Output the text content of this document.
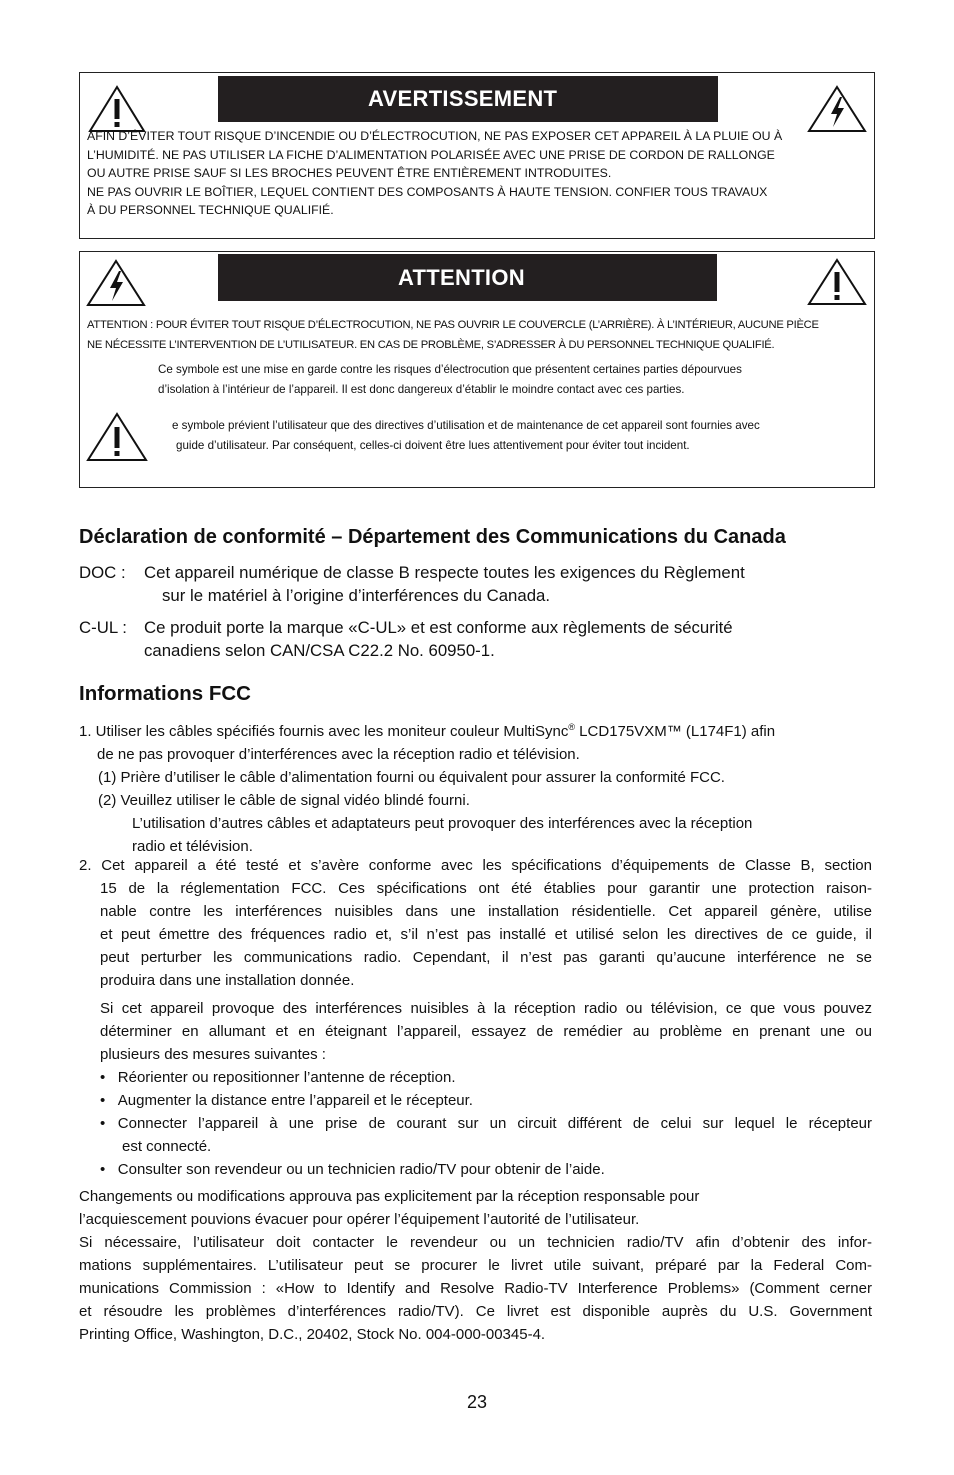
AVERTISSEMENT
AFIN D’ÉVITER TOUT RISQUE D’INCENDIE OU D’ÉLECTROCUTION, NE PAS EXPOSER CET APPAREIL À LA PLUIE OU À
L’HUMIDITÉ. NE PAS UTILISER LA FICHE D’ALIMENTATION POLARISÉE AVEC UNE PRISE DE CORDON DE RALLONGE
OU AUTRE PRISE SAUF SI LES BROCHES PEUVENT ÊTRE ENTIÈREMENT INTRODUITES.
NE PAS OUVRIR LE BOÎTIER, LEQUEL CONTIENT DES COMPOSANTS À HAUTE TENSION. CONFIER TOUS TRAVAUX
À DU PERSONNEL TECHNIQUE QUALIFIÉ.
ATTENTION
ATTENTION : POUR ÉVITER TOUT RISQUE D’ÉLECTROCUTION, NE PAS OUVRIR LE COUVERCLE (L’ARRIÈRE). À L’INTÉRIEUR, AUCUNE PIÈCE
NE NÉCESSITE L’INTERVENTION DE L’UTILISATEUR. EN CAS DE PROBLÈME, S’ADRESSER À DU PERSONNEL TECHNIQUE QUALIFIÉ.
Ce symbole est une mise en garde contre les risques d’électrocution que présentent certaines parties dépourvues
d’isolation à l’intérieur de l’appareil. Il est donc dangereux d’établir le moindre contact avec ces parties.
e symbole prévient l’utilisateur que des directives d’utilisation et de maintenance de cet appareil sont fournies avec
guide d’utilisateur. Par conséquent, celles-ci doivent être lues attentivement pour éviter tout incident.
Déclaration de conformité – Département des Communications du Canada
DOC : Cet appareil numérique de classe B respecte toutes les exigences du Règlement
sur le matériel à l’origine d’interférences du Canada.
C-UL : Ce produit porte la marque «C-UL» et est conforme aux règlements de sécurité
canadiens selon CAN/CSA C22.2 No. 60950-1.
Informations FCC
1. Utiliser les câbles spécifiés fournis avec les moniteur couleur MultiSync® LCD175VXM™ (L174F1) afin
de ne pas provoquer d’interférences avec la réception radio et télévision.
(1) Prière d’utiliser le câble d’alimentation fourni ou équivalent pour assurer la conformité FCC.
(2) Veuillez utiliser le câble de signal vidéo blindé fourni.
L’utilisation d’autres câbles et adaptateurs peut provoquer des interférences avec la réception
radio et télévision.
2. Cet appareil a été testé et s’avère conforme avec les spécifications d’équipements de Classe B, section
15 de la réglementation FCC. Ces spécifications ont été établies pour garantir une protection raison-
nable contre les interférences nuisibles dans une installation résidentielle. Cet appareil génère, utilise
et peut émettre des fréquences radio et, s’il n’est pas installé et utilisé selon les directives de ce guide, il
peut perturber les communications radio. Cependant, il n’est pas garanti qu’aucune interférence ne se
produira dans une installation donnée.
Si cet appareil provoque des interférences nuisibles à la réception radio ou télévision, ce que vous pouvez
déterminer en allumant et en éteignant l’appareil, essayez de remédier au problème en prenant une ou
plusieurs des mesures suivantes :
•   Réorienter ou repositionner l’antenne de réception.
•   Augmenter la distance entre l’appareil et le récepteur.
• Connecter l’appareil à une prise de courant sur un circuit différent de celui sur lequel le récepteur
est connecté.
•   Consulter son revendeur ou un technicien radio/TV pour obtenir de l’aide.
Changements ou modifications approuva pas explicitement par la réception responsable pour
l’acquiescement pouvions évacuer pour opérer l’équipement l’autorité de l’utilisateur.
Si nécessaire, l’utilisateur doit contacter le revendeur ou un technicien radio/TV afin d’obtenir des infor-
mations supplémentaires. L’utilisateur peut se procurer le livret utile suivant, préparé par la Federal Com-
munications Commission : «How to Identify and Resolve Radio-TV Interference Problems» (Comment cerner
et résoudre les problèmes d’interférences radio/TV). Ce livret est disponible auprès du U.S. Government
Printing Office, Washington, D.C., 20402, Stock No. 004-000-00345-4.
23
